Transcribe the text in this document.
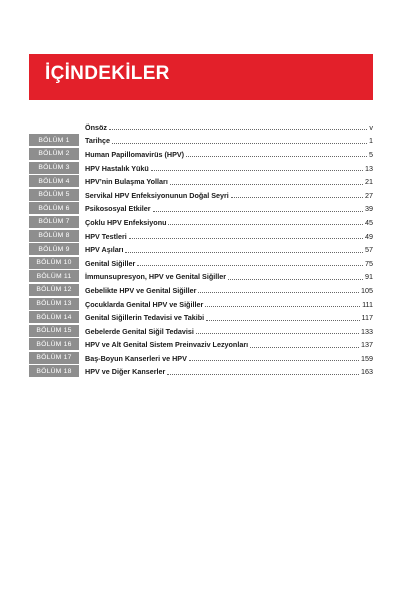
İÇİNDEKİLER
Önsöz	v
BÖLÜM 1	Tarihçe	1
BÖLÜM 2	Human Papillomavirüs (HPV)	5
BÖLÜM 3	HPV Hastalık Yükü	13
BÖLÜM 4	HPV’nin Bulaşma Yolları	21
BÖLÜM 5	Servikal HPV Enfeksiyonunun Doğal Seyri	27
BÖLÜM 6	Psikososyal Etkiler	39
BÖLÜM 7	Çoklu HPV Enfeksiyonu	45
BÖLÜM 8	HPV Testleri	49
BÖLÜM 9	HPV Aşıları	57
BÖLÜM 10	Genital Siğiller	75
BÖLÜM 11	İmmunsupresyon, HPV ve Genital Siğiller	91
BÖLÜM 12	Gebelikte HPV ve Genital Siğiller	105
BÖLÜM 13	Çocuklarda Genital HPV ve Siğiller	111
BÖLÜM 14	Genital Siğillerin Tedavisi ve Takibi	117
BÖLÜM 15	Gebelerde Genital Siğil Tedavisi	133
BÖLÜM 16	HPV ve Alt Genital Sistem Preinvaziv Lezyonları	137
BÖLÜM 17	Baş-Boyun Kanserleri ve HPV	159
BÖLÜM 18	HPV ve Diğer Kanserler	163
